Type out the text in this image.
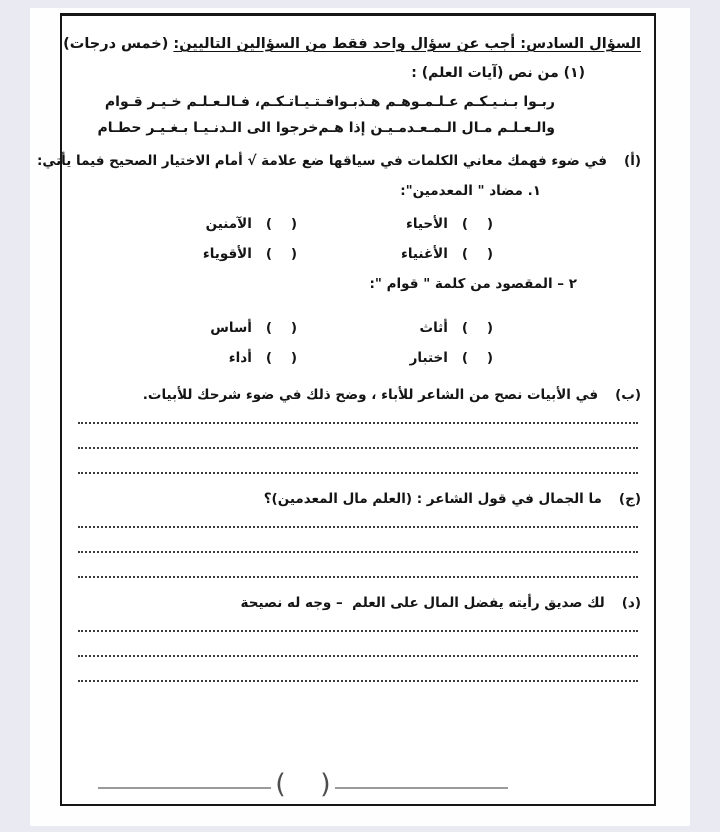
السؤال السادس: أجب عن سؤال واحد فقط من السؤالين التاليين: (خمس درجات)
(١) من نص (آيات العلم) :
ربـوا بـنـيـكـم عـلـمـوهـم هـذبـوا
فـتـيـاتـكـم، فـالـعـلـم خـيـر قـوام
والـعـلـم مـال الـمـعـدمـيـن إذا هـم
خرجوا الى الـدنـيـا بـغـيـر حطـام
(أ)
في ضوء فهمك معاني الكلمات في سياقها ضع علامة √ أمام الاختيار الصحيح فيما يأتي:
١. مضاد " المعدمين":
(    )
الأحياء
(    )
الآمنين
(    )
الأغنياء
(    )
الأقوياء
٢ – المقصود من كلمة " قوام ":
(    )
أثاث
(    )
أساس
(    )
اختبار
(    )
أداء
(ب)
في الأبيات نصح من الشاعر للأباء ، وضح ذلك في ضوء شرحك للأبيات.
(ج)
ما الجمال في قول الشاعر : (العلم مال المعدمين)؟
(د)
لك صديق رأيته يفضل المال على العلم  – وجه له نصيحة
(    )
